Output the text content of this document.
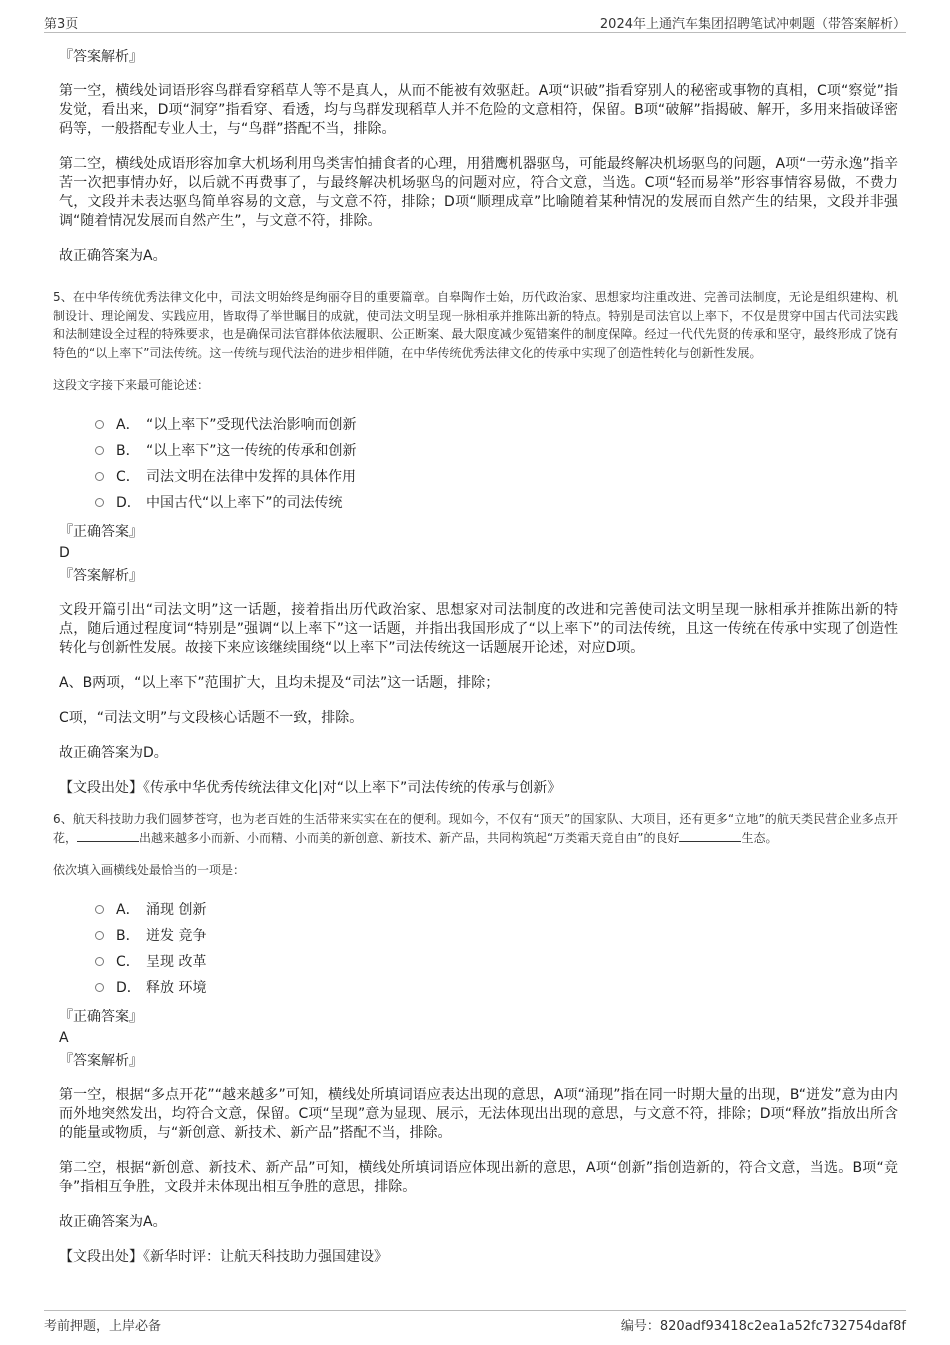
第3页	2024年上通汽车集团招聘笔试冲刺题（带答案解析）
『答案解析』

第一空，横线处词语形容鸟群看穿稻草人等不是真人，从而不能被有效驱赶。A项“识破”指看穿别人的秘密或事物的真相，C项“察觉”指发觉，看出来，D项“洞穿”指看穿、看透，均与鸟群发现稻草人并不危险的文意相符，保留。B项“破解”指揭破、解开，多用来指破译密码等，一般搭配专业人士，与“鸟群”搭配不当，排除。

第二空，横线处成语形容加拿大机场利用鸟类害怕捕食者的心理，用猎鹰机器驱鸟，可能最终解决机场驱鸟的问题，A项“一劳永逸”指辛苦一次把事情办好，以后就不再费事了，与最终解决机场驱鸟的问题对应，符合文意，当选。C项“轻而易举”形容事情容易做，不费力气，文段并未表达驱鸟简单容易的文意，与文意不符，排除；D项“顺理成章”比喻随着某种情况的发展而自然产生的结果，文段并非强调“随着情况发展而自然产生”，与文意不符，排除。

故正确答案为A。

5、在中华传统优秀法律文化中，司法文明始终是绚丽夺目的重要篇章。自皋陶作士始，历代政治家、思想家均注重改进、完善司法制度，无论是组织建构、机制设计、理论阐发、实践应用，皆取得了举世瞩目的成就，使司法文明呈现一脉相承并推陈出新的特点。特别是司法官以上率下，不仅是贯穿中国古代司法实践和法制建设全过程的特殊要求，也是确保司法官群体依法履职、公正断案、最大限度减少冤错案件的制度保障。经过一代代先贤的传承和坚守，最终形成了饶有特色的“以上率下”司法传统。这一传统与现代法治的进步相伴随，在中华传统优秀法律文化的传承中实现了创造性转化与创新性发展。

这段文字接下来最可能论述：

A． “以上率下”受现代法治影响而创新
B． “以上率下”这一传统的传承和创新
C． 司法文明在法律中发挥的具体作用
D． 中国古代“以上率下”的司法传统
『正确答案』
D
『答案解析』

文段开篇引出“司法文明”这一话题，接着指出历代政治家、思想家对司法制度的改进和完善使司法文明呈现一脉相承并推陈出新的特点，随后通过程度词“特别是”强调“以上率下”这一话题，并指出我国形成了“以上率下”的司法传统，且这一传统在传承中实现了创造性转化与创新性发展。故接下来应该继续围绕“以上率下”司法传统这一话题展开论述，对应D项。

A、B两项，“以上率下”范围扩大，且均未提及“司法”这一话题，排除；

C项，“司法文明”与文段核心话题不一致，排除。

故正确答案为D。

【文段出处】《传承中华优秀传统法律文化|对“以上率下”司法传统的传承与创新》

6、航天科技助力我们圆梦苍穹，也为老百姓的生活带来实实在在的便利。现如今，不仅有“顶天”的国家队、大项目，还有更多“立地”的航天类民营企业多点开花，	出越来越多小而新、小而精、小而美的新创意、新技术、新产品，共同构筑起“万类霜天竞自由”的良好	生态。

依次填入画横线处最恰当的一项是：

A． 涌现 创新
B． 迸发 竞争
C． 呈现 改革
D． 释放 环境
『正确答案』
A
『答案解析』

第一空，根据“多点开花”“越来越多”可知，横线处所填词语应表达出现的意思，A项“涌现”指在同一时期大量的出现，B“迸发”意为由内而外地突然发出，均符合文意，保留。C项“呈现”意为显现、展示，无法体现出出现的意思，与文意不符，排除；D项“释放”指放出所含的能量或物质，与“新创意、新技术、新产品”搭配不当，排除。

第二空，根据“新创意、新技术、新产品”可知，横线处所填词语应体现出新的意思，A项“创新”指创造新的，符合文意，当选。B项“竞争”指相互争胜，文段并未体现出相互争胜的意思，排除。

故正确答案为A。

【文段出处】《新华时评：让航天科技助力强国建设》

考前押题，上岸必备	编号：820adf93418c2ea1a52fc732754daf8f
